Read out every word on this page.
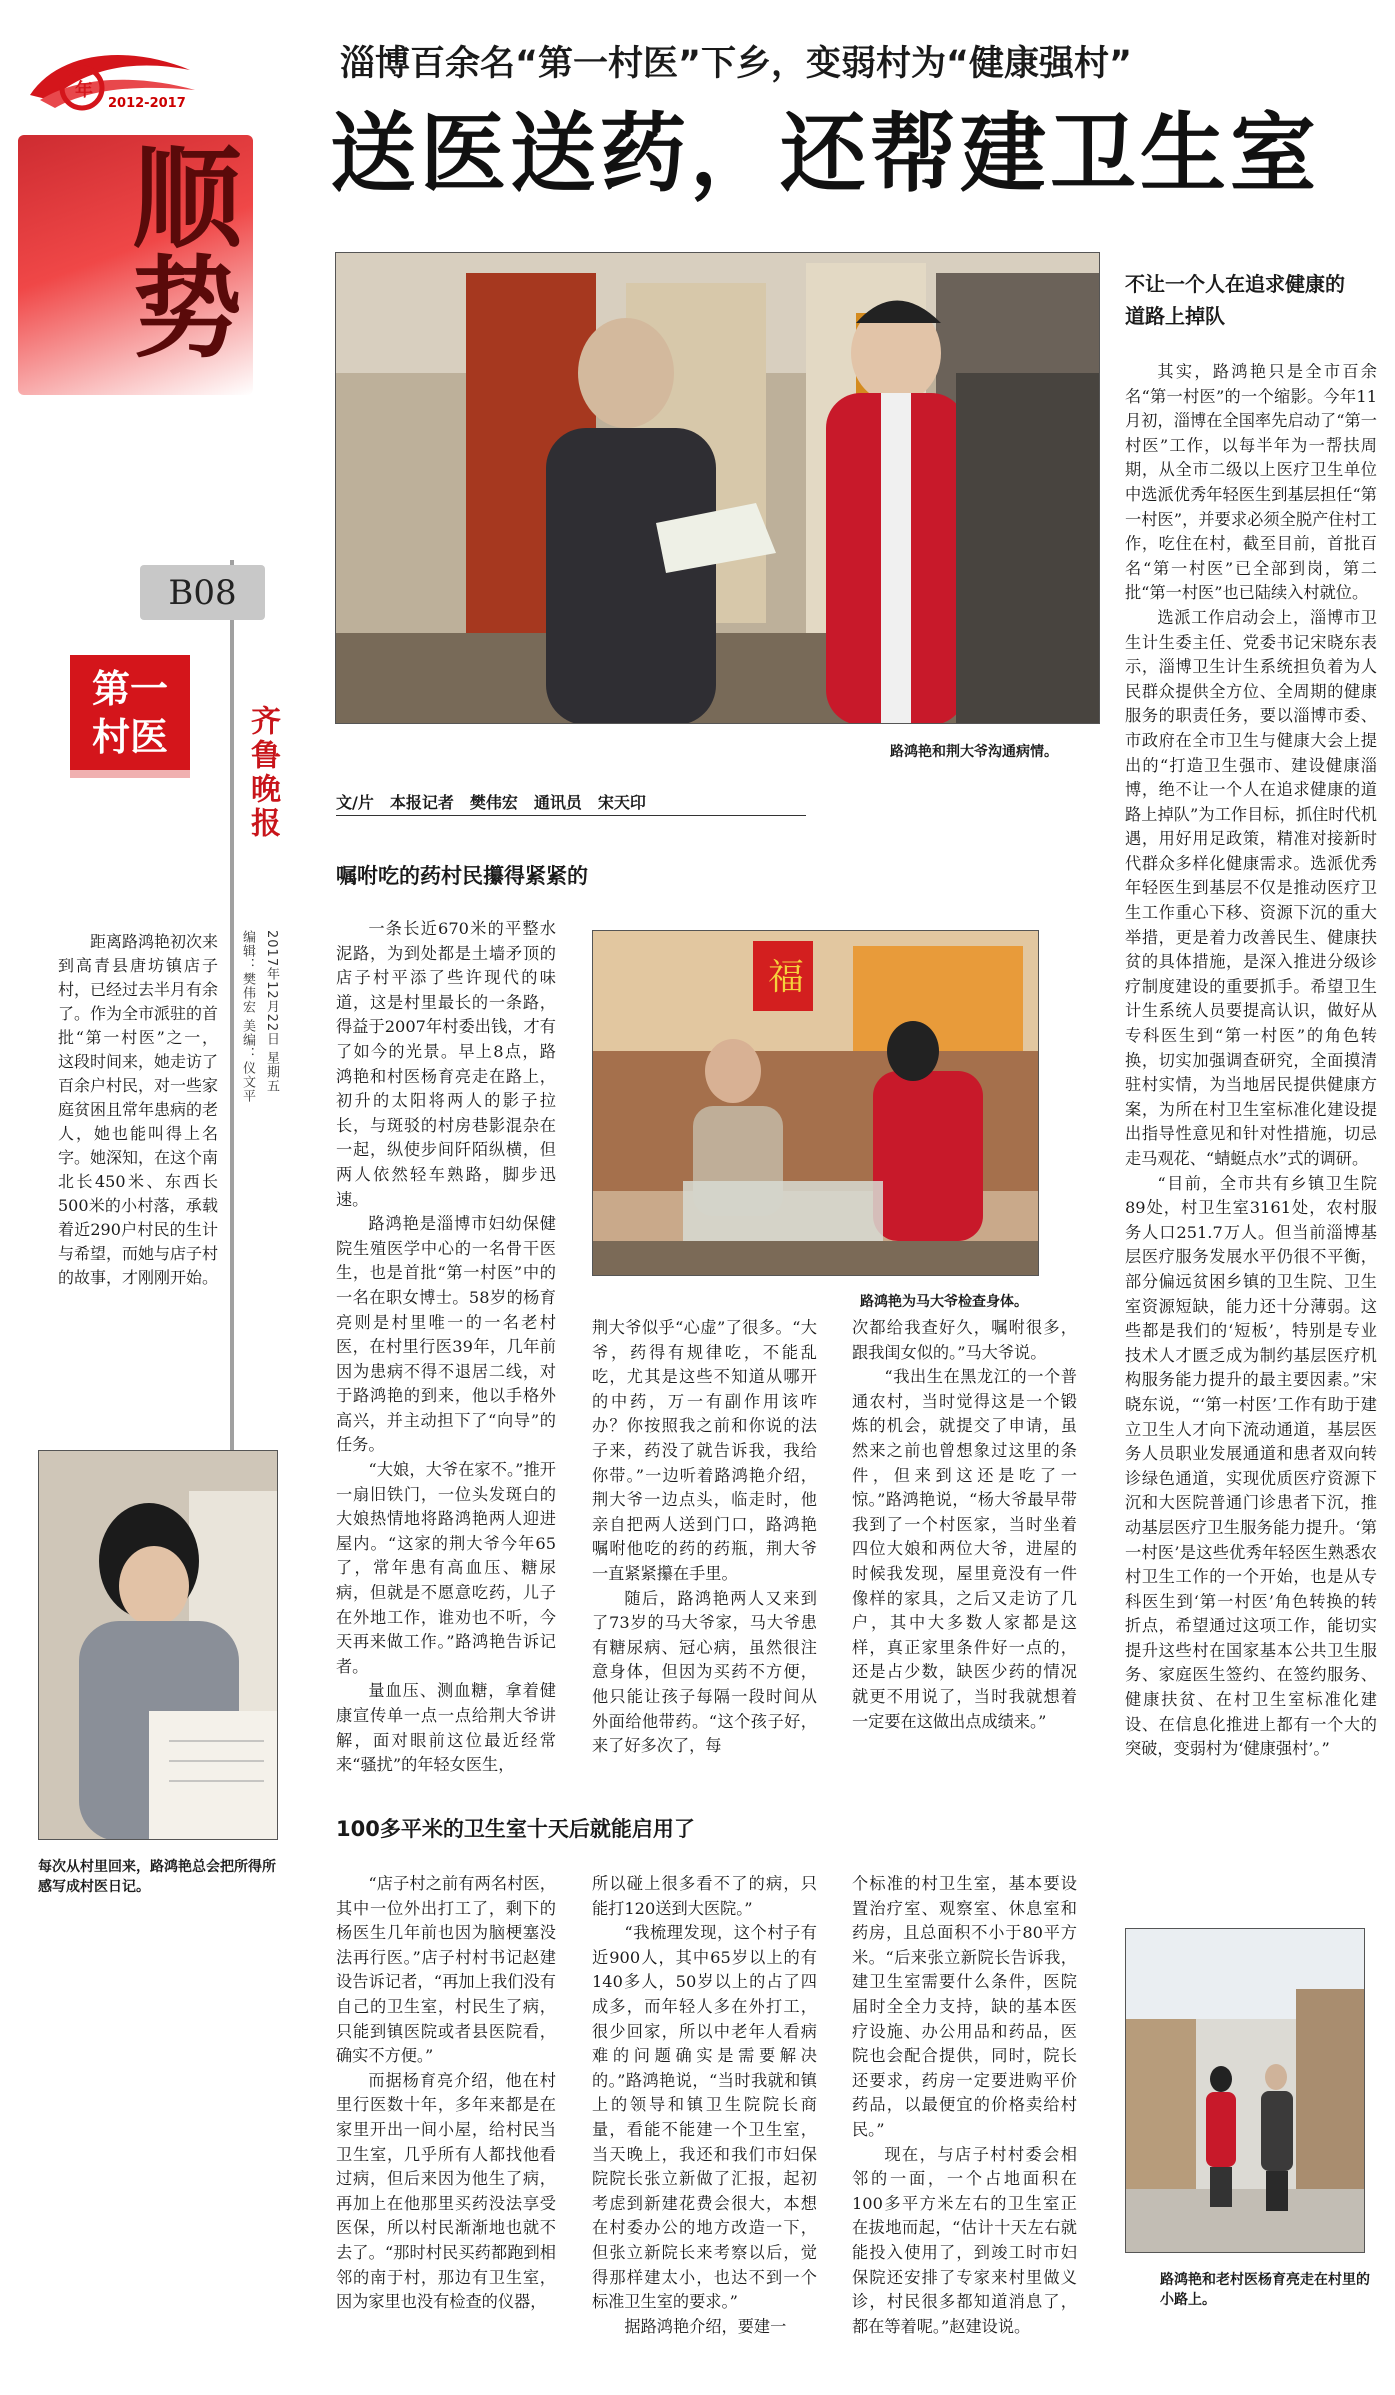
年
2012-2017
顺势
B08
第一村医	齐鲁晚报
2017年12月22日 星期五
编辑：樊伟宏 美编：仪文平

距离路鸿艳初次来到高青县唐坊镇店子村，已经过去半月有余了。作为全市派驻的首批“第一村医”之一，这段时间来，她走访了百余户村民，对一些家庭贫困且常年患病的老人，她也能叫得上名字。她深知，在这个南北长450米、东西长500米的小村落，承载着近290户村民的生计与希望，而她与店子村的故事，才刚刚开始。

每次从村里回来，路鸿艳总会把所得所感写成村医日记。
淄博百余名“第一村医”下乡，变弱村为“健康强村”
送医送药，还帮建卫生室
路鸿艳和荆大爷沟通病情。
文/片　本报记者　樊伟宏　通讯员　宋天印
嘱咐吃的药村民攥得紧紧的

一条长近670米的平整水泥路，为到处都是土墙矛顶的店子村平添了些许现代的味道，这是村里最长的一条路，得益于2007年村委出钱，才有了如今的光景。早上8点，路鸿艳和村医杨育亮走在路上，初升的太阳将两人的影子拉长，与斑驳的村房巷影混杂在一起，纵使步间阡陌纵横，但两人依然轻车熟路，脚步迅速。

路鸿艳是淄博市妇幼保健院生殖医学中心的一名骨干医生，也是首批“第一村医”中的一名在职女博士。58岁的杨育亮则是村里唯一的一名老村医，在村里行医39年，几年前因为患病不得不退居二线，对于路鸿艳的到来，他以手格外高兴，并主动担下了“向导”的任务。

“大娘，大爷在家不。”推开一扇旧铁门，一位头发斑白的大娘热情地将路鸿艳两人迎进屋内。“这家的荆大爷今年65了，常年患有高血压、糖尿病，但就是不愿意吃药，儿子在外地工作，谁劝也不听，今天再来做工作。”路鸿艳告诉记者。

量血压、测血糖，拿着健康宣传单一点一点给荆大爷讲解，面对眼前这位最近经常来“骚扰”的年轻女医生，

福
路鸿艳为马大爷检查身体。

荆大爷似乎“心虚”了很多。“大爷，药得有规律吃，不能乱吃，尤其是这些不知道从哪开的中药，万一有副作用该咋办？你按照我之前和你说的法子来，药没了就告诉我，我给你带。”一边听着路鸿艳介绍，荆大爷一边点头，临走时，他亲自把两人送到门口，路鸿艳嘱咐他吃的药的药瓶，荆大爷一直紧紧攥在手里。

随后，路鸿艳两人又来到了73岁的马大爷家，马大爷患有糖尿病、冠心病，虽然很注意身体，但因为买药不方便，他只能让孩子每隔一段时间从外面给他带药。“这个孩子好，来了好多次了，每

次都给我查好久，嘱咐很多，跟我闺女似的。”马大爷说。

“我出生在黑龙江的一个普通农村，当时觉得这是一个锻炼的机会，就提交了申请，虽然来之前也曾想象过这里的条件，但来到这还是吃了一惊。”路鸿艳说，“杨大爷最早带我到了一个村医家，当时坐着四位大娘和两位大爷，进屋的时候我发现，屋里竟没有一件像样的家具，之后又走访了几户，其中大多数人家都是这样，真正家里条件好一点的，还是占少数，缺医少药的情况就更不用说了，当时我就想着一定要在这做出点成绩来。”

100多平米的卫生室十天后就能启用了

“店子村之前有两名村医，其中一位外出打工了，剩下的杨医生几年前也因为脑梗塞没法再行医。”店子村村书记赵建设告诉记者，“再加上我们没有自己的卫生室，村民生了病，只能到镇医院或者县医院看，确实不方便。”

而据杨育亮介绍，他在村里行医数十年，多年来都是在家里开出一间小屋，给村民当卫生室，几乎所有人都找他看过病，但后来因为他生了病，再加上在他那里买药没法享受医保，所以村民渐渐地也就不去了。“那时村民买药都跑到相邻的南于村，那边有卫生室，因为家里也没有检查的仪器，

所以碰上很多看不了的病，只能打120送到大医院。”

“我梳理发现，这个村子有近900人，其中65岁以上的有140多人，50岁以上的占了四成多，而年轻人多在外打工，很少回家，所以中老年人看病难的问题确实是需要解决的。”路鸿艳说，“当时我就和镇上的领导和镇卫生院院长商量，看能不能建一个卫生室，当天晚上，我还和我们市妇保院院长张立新做了汇报，起初考虑到新建花费会很大，本想在村委办公的地方改造一下，但张立新院长来考察以后，觉得那样建太小，也达不到一个标准卫生室的要求。”

据路鸿艳介绍，要建一

个标准的村卫生室，基本要设置治疗室、观察室、休息室和药房，且总面积不小于80平方米。“后来张立新院长告诉我，建卫生室需要什么条件，医院届时全全力支持，缺的基本医疗设施、办公用品和药品，医院也会配合提供，同时，院长还要求，药房一定要进购平价药品，以最便宜的价格卖给村民。”

现在，与店子村村委会相邻的一面，一个占地面积在100多平方米左右的卫生室正在拔地而起，“估计十天左右就能投入使用了，到竣工时市妇保院还安排了专家来村里做义诊，村民很多都知道消息了，都在等着呢。”赵建设说。

不让一个人在追求健康的道路上掉队

其实，路鸿艳只是全市百余名“第一村医”的一个缩影。今年11月初，淄博在全国率先启动了“第一村医”工作，以每半年为一帮扶周期，从全市二级以上医疗卫生单位中选派优秀年轻医生到基层担任“第一村医”，并要求必须全脱产住村工作，吃住在村，截至目前，首批百名“第一村医”已全部到岗，第二批“第一村医”也已陆续入村就位。

选派工作启动会上，淄博市卫生计生委主任、党委书记宋晓东表示，淄博卫生计生系统担负着为人民群众提供全方位、全周期的健康服务的职责任务，要以淄博市委、市政府在全市卫生与健康大会上提出的“打造卫生强市、建设健康淄博，绝不让一个人在追求健康的道路上掉队”为工作目标，抓住时代机遇，用好用足政策，精准对接新时代群众多样化健康需求。选派优秀年轻医生到基层不仅是推动医疗卫生工作重心下移、资源下沉的重大举措，更是着力改善民生、健康扶贫的具体措施，是深入推进分级诊疗制度建设的重要抓手。希望卫生计生系统人员要提高认识，做好从专科医生到“第一村医”的角色转换，切实加强调查研究，全面摸清驻村实情，为当地居民提供健康方案，为所在村卫生室标准化建设提出指导性意见和针对性措施，切忌走马观花、“蜻蜓点水”式的调研。

“目前，全市共有乡镇卫生院89处，村卫生室3161处，农村服务人口251.7万人。但当前淄博基层医疗服务发展水平仍很不平衡，部分偏远贫困乡镇的卫生院、卫生室资源短缺，能力还十分薄弱。这些都是我们的‘短板’，特别是专业技术人才匮乏成为制约基层医疗机构服务能力提升的最主要因素。”宋晓东说，“‘第一村医’工作有助于建立卫生人才向下流动通道，基层医务人员职业发展通道和患者双向转诊绿色通道，实现优质医疗资源下沉和大医院普通门诊患者下沉，推动基层医疗卫生服务能力提升。‘第一村医’是这些优秀年轻医生熟悉农村卫生工作的一个开始，也是从专科医生到‘第一村医’角色转换的转折点，希望通过这项工作，能切实提升这些村在国家基本公共卫生服务、家庭医生签约、在签约服务、健康扶贫、在村卫生室标准化建设、在信息化推进上都有一个大的突破，变弱村为‘健康强村’。”

路鸿艳和老村医杨育亮走在村里的小路上。
